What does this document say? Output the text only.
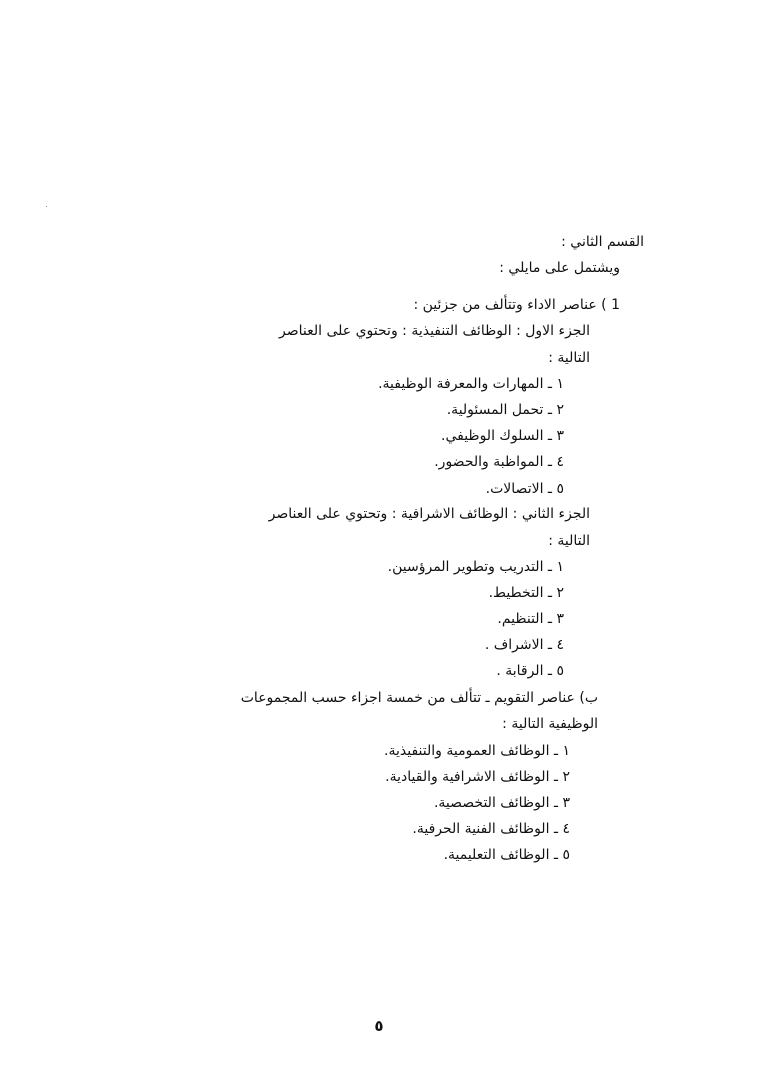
القسم الثاني :
ويشتمل على مايلي :
1 ) عناصر الاداء وتتألف من جزئين :
الجزء الاول : الوظائف التنفيذية : وتحتوي على العناصر
التالية :
١ ـ المهارات والمعرفة الوظيفية.
٢ ـ تحمل المسئولية.
٣ ـ السلوك الوظيفي.
٤ ـ المواظبة والحضور.
٥ ـ الاتصالات.
الجزء الثاني : الوظائف الاشرافية : وتحتوي على العناصر
التالية :
١ ـ التدريب وتطوير المرؤسين.
٢ ـ التخطيط.
٣ ـ التنظيم.
٤ ـ الاشراف .
٥ ـ الرقابة .
ب) عناصر التقويم ـ تتألف من خمسة اجزاء حسب المجموعات
الوظيفية التالية :
١ ـ الوظائف العمومية والتنفيذية.
٢ ـ الوظائف الاشرافية والقيادية.
٣ ـ الوظائف التخصصية.
٤ ـ الوظائف الفنية الحرفية.
٥ ـ الوظائف التعليمية.
٥
